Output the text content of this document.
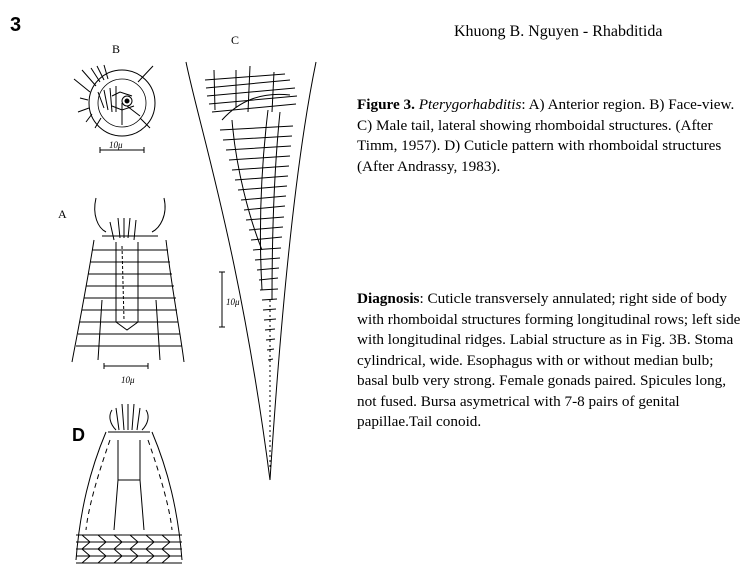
3	Khuong B. Nguyen - Rhabditida
Figure 3. Pterygorhabditis: A) Anterior region. B) Face-view. C) Male tail, lateral showing rhomboidal structures. (After Timm, 1957). D) Cuticle pattern with rhomboidal structures (After Andrassy, 1983).
Diagnosis: Cuticle transversely annulated; right side of body with rhomboidal structures forming longitudinal rows; left side with longitudinal ridges. Labial structure as in Fig. 3B. Stoma cylindrical, wide. Esophagus with or without median bulb; basal bulb very strong. Female gonads paired. Spicules long, not fused. Bursa asymetrical with 7-8 pairs of genital papillae.Tail conoid.
B
C
A
D
10μ
10μ
10μ
